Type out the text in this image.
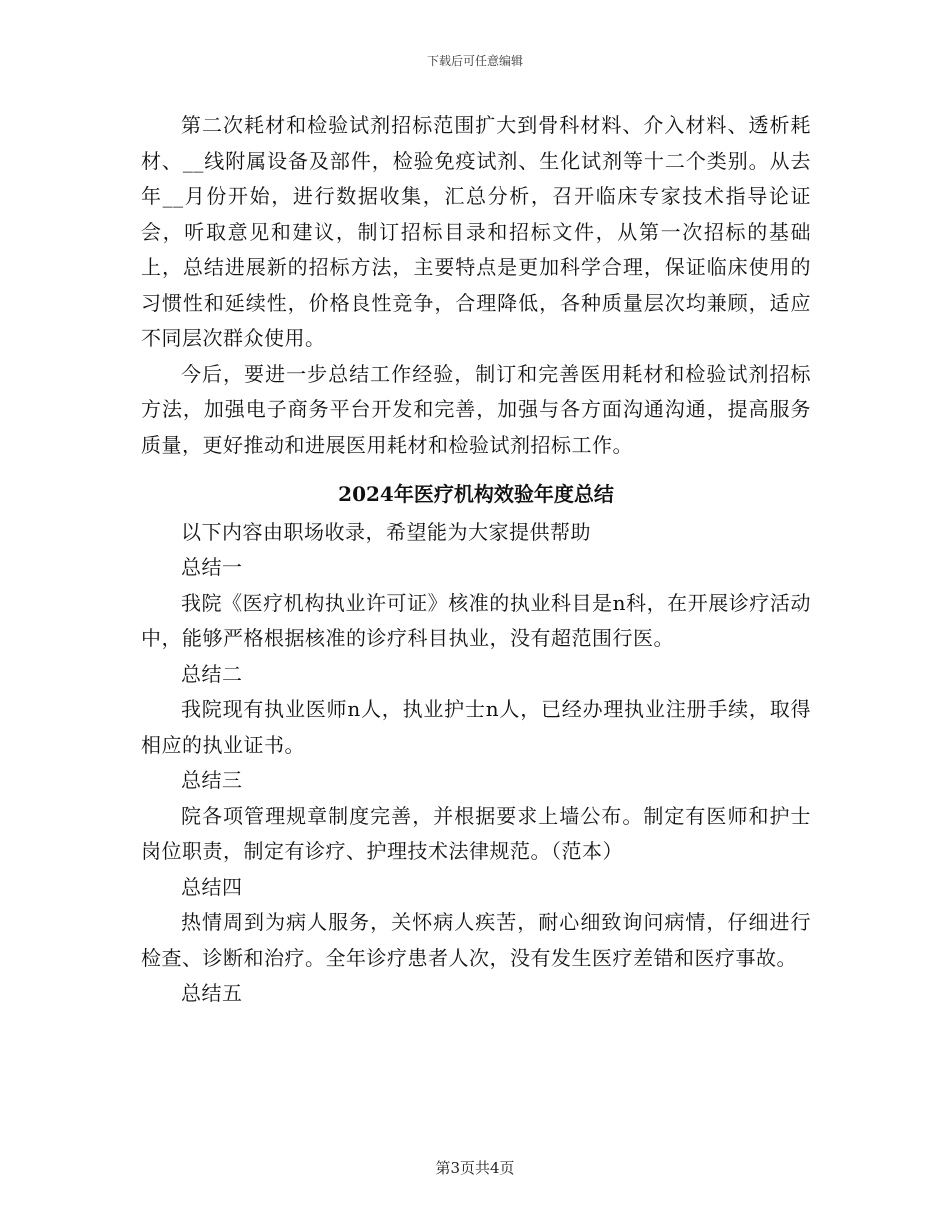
下载后可任意编辑

第二次耗材和检验试剂招标范围扩大到骨科材料、介入材料、透析耗材、__线附属设备及部件，检验免疫试剂、生化试剂等十二个类别。从去年__月份开始，进行数据收集，汇总分析，召开临床专家技术指导论证会，听取意见和建议，制订招标目录和招标文件，从第一次招标的基础上，总结进展新的招标方法，主要特点是更加科学合理，保证临床使用的习惯性和延续性，价格良性竞争，合理降低，各种质量层次均兼顾，适应不同层次群众使用。

今后，要进一步总结工作经验，制订和完善医用耗材和检验试剂招标方法，加强电子商务平台开发和完善，加强与各方面沟通沟通，提高服务质量，更好推动和进展医用耗材和检验试剂招标工作。

2024年医疗机构效验年度总结

以下内容由职场收录，希望能为大家提供帮助

总结一

我院《医疗机构执业许可证》核准的执业科目是n科，在开展诊疗活动中，能够严格根据核准的诊疗科目执业，没有超范围行医。

总结二

我院现有执业医师n人，执业护士n人，已经办理执业注册手续，取得相应的执业证书。

总结三

院各项管理规章制度完善，并根据要求上墙公布。制定有医师和护士岗位职责，制定有诊疗、护理技术法律规范。（范本）

总结四

热情周到为病人服务，关怀病人疾苦，耐心细致询问病情，仔细进行检查、诊断和治疗。全年诊疗患者人次，没有发生医疗差错和医疗事故。

总结五

第3页共4页
